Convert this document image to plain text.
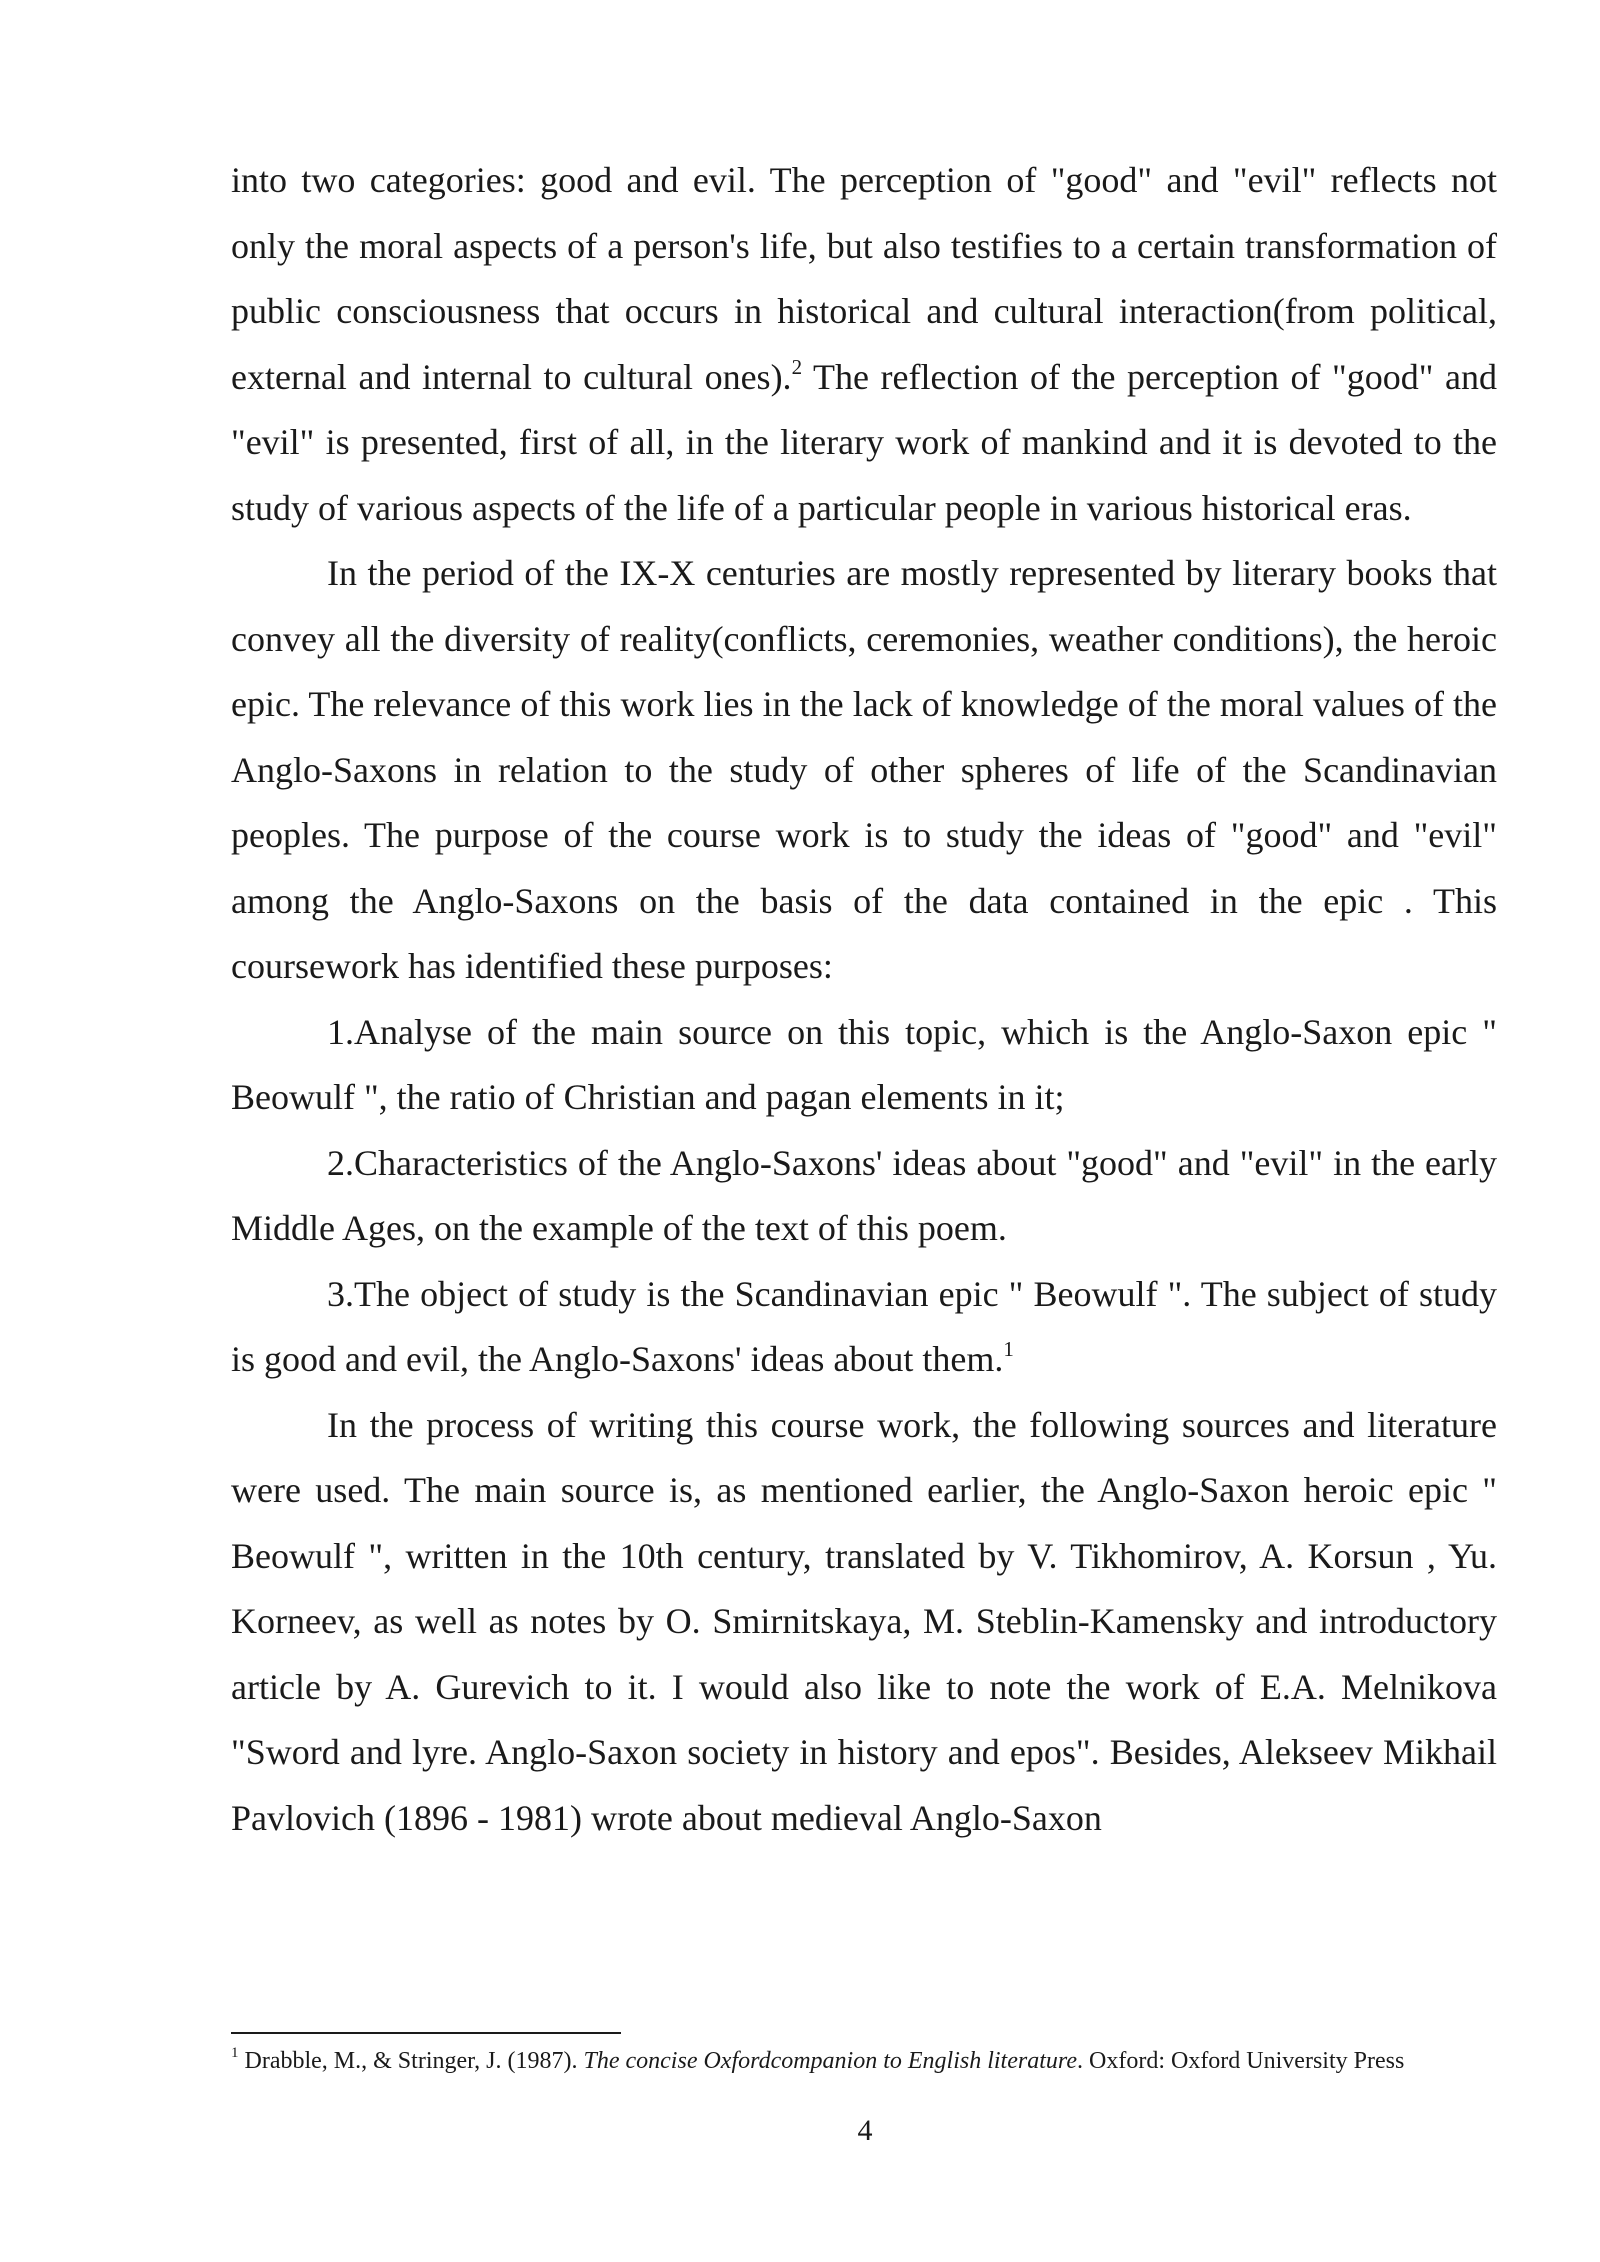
into two categories: good and evil. The perception of "good" and "evil" reflects not only the moral aspects of a person's life, but also testifies to a certain transformation of public consciousness that occurs in historical and cultural interaction(from political, external and internal to cultural ones).$^2$ The reflection of the perception of "good" and "evil" is presented, first of all, in the literary work of mankind and it is devoted to the study of various aspects of the life of a particular people in various historical eras.

In the period of the IX-X centuries are mostly represented by literary books that convey all the diversity of reality(conflicts, ceremonies, weather conditions), the heroic epic. The relevance of this work lies in the lack of knowledge of the moral values of the Anglo-Saxons in relation to the study of other spheres of life of the Scandinavian peoples. The purpose of the course work is to study the ideas of "good" and "evil" among the Anglo-Saxons on the basis of the data contained in the epic . This coursework has identified these purposes:

1.Analyse of the main source on this topic, which is the Anglo-Saxon epic " Beowulf ", the ratio of Christian and pagan elements in it;

2.Characteristics of the Anglo-Saxons' ideas about "good" and "evil" in the early Middle Ages, on the example of the text of this poem.

3.The object of study is the Scandinavian epic " Beowulf ". The subject of study is good and evil, the Anglo-Saxons' ideas about them.$^1$

In the process of writing this course work, the following sources and literature were used. The main source is, as mentioned earlier, the Anglo-Saxon heroic epic " Beowulf ", written in the 10th century, translated by V. Tikhomirov, A. Korsun , Yu. Korneev, as well as notes by O. Smirnitskaya, M. Steblin-Kamensky and introductory article by A. Gurevich to it. I would also like to note the work of E.A. Melnikova "Sword and lyre. Anglo-Saxon society in history and epos". Besides, Alekseev Mikhail Pavlovich (1896 - 1981) wrote about medieval Anglo-Saxon

$^1$ Drabble, M., & Stringer, J. (1987). The concise Oxfordcompanion to English literature. Oxford: Oxford University Press
4
